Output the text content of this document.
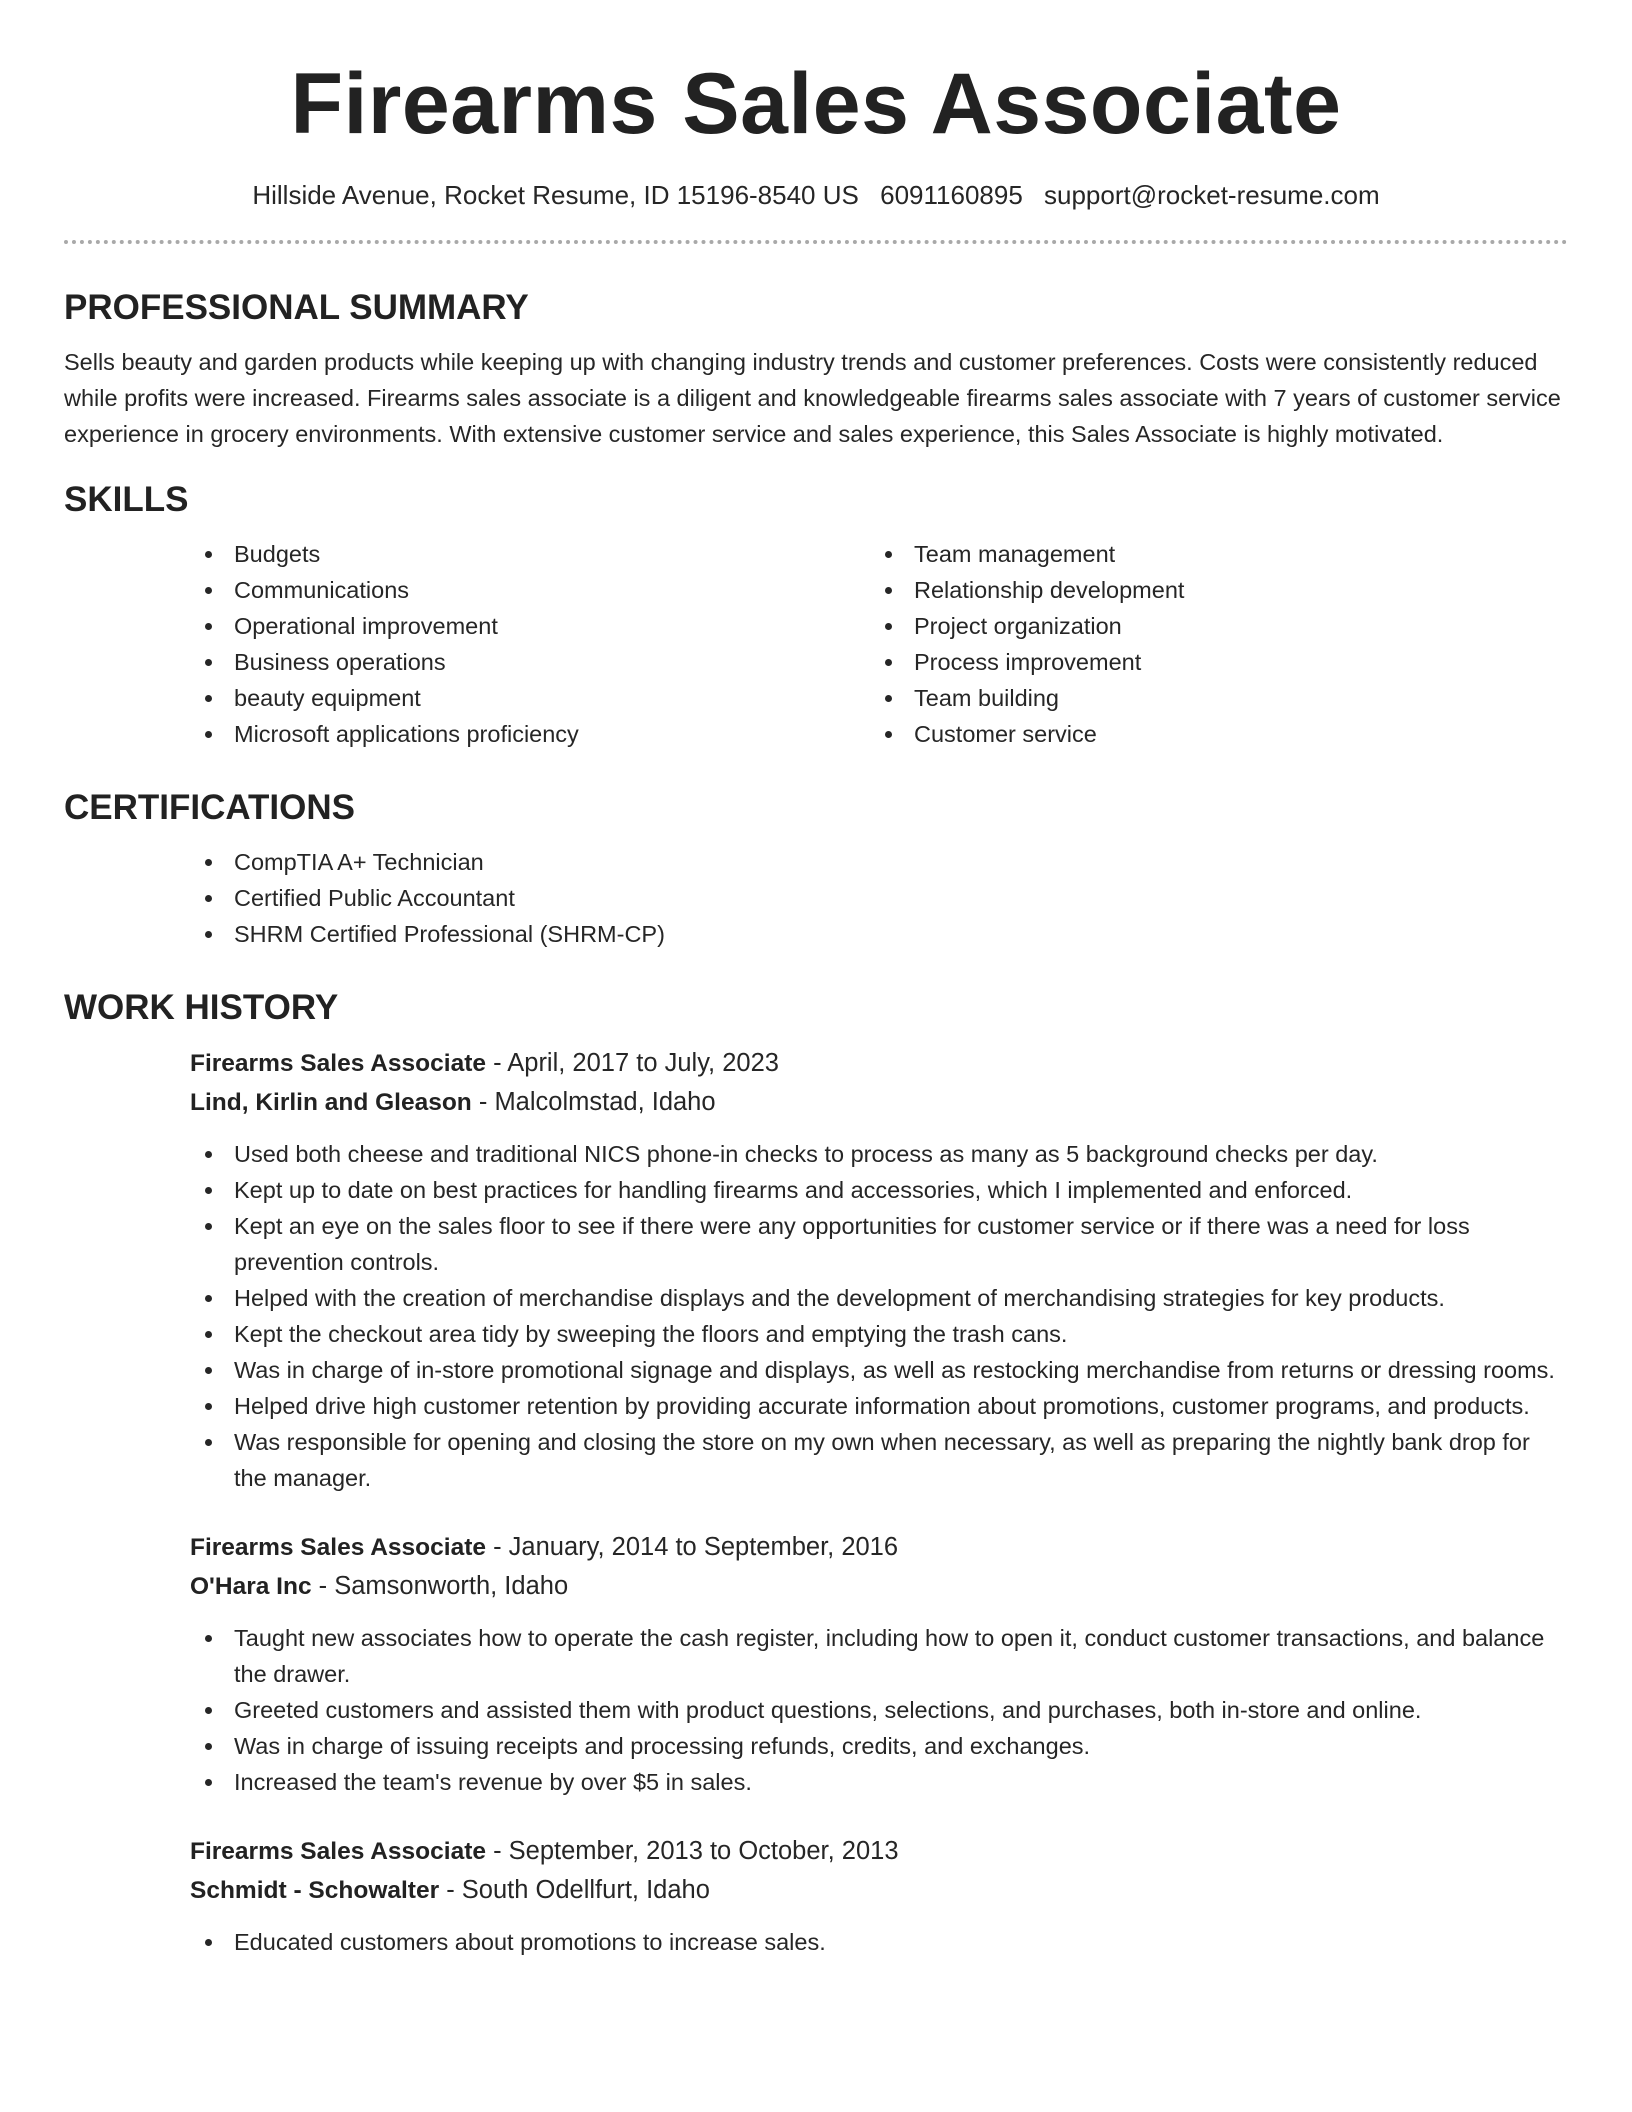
Firearms Sales Associate
Hillside Avenue, Rocket Resume, ID 15196-8540 US 6091160895 support@rocket-resume.com
PROFESSIONAL SUMMARY

Sells beauty and garden products while keeping up with changing industry trends and customer preferences. Costs were consistently reduced while profits were increased. Firearms sales associate is a diligent and knowledgeable firearms sales associate with 7 years of customer service experience in grocery environments. With extensive customer service and sales experience, this Sales Associate is highly motivated.

SKILLS
Budgets
Communications
Operational improvement
Business operations
beauty equipment
Microsoft applications proficiency
Team management
Relationship development
Project organization
Process improvement
Team building
Customer service
CERTIFICATIONS
CompTIA A+ Technician
Certified Public Accountant
SHRM Certified Professional (SHRM-CP)
WORK HISTORY
Firearms Sales Associate - April, 2017 to July, 2023
Lind, Kirlin and Gleason - Malcolmstad, Idaho
Used both cheese and traditional NICS phone-in checks to process as many as 5 background checks per day.
Kept up to date on best practices for handling firearms and accessories, which I implemented and enforced.
Kept an eye on the sales floor to see if there were any opportunities for customer service or if there was a need for loss prevention controls.
Helped with the creation of merchandise displays and the development of merchandising strategies for key products.
Kept the checkout area tidy by sweeping the floors and emptying the trash cans.
Was in charge of in-store promotional signage and displays, as well as restocking merchandise from returns or dressing rooms.
Helped drive high customer retention by providing accurate information about promotions, customer programs, and products.
Was responsible for opening and closing the store on my own when necessary, as well as preparing the nightly bank drop for the manager.
Firearms Sales Associate - January, 2014 to September, 2016
O'Hara Inc - Samsonworth, Idaho
Taught new associates how to operate the cash register, including how to open it, conduct customer transactions, and balance the drawer.
Greeted customers and assisted them with product questions, selections, and purchases, both in-store and online.
Was in charge of issuing receipts and processing refunds, credits, and exchanges.
Increased the team's revenue by over $5 in sales.
Firearms Sales Associate - September, 2013 to October, 2013
Schmidt - Schowalter - South Odellfurt, Idaho
Educated customers about promotions to increase sales.
